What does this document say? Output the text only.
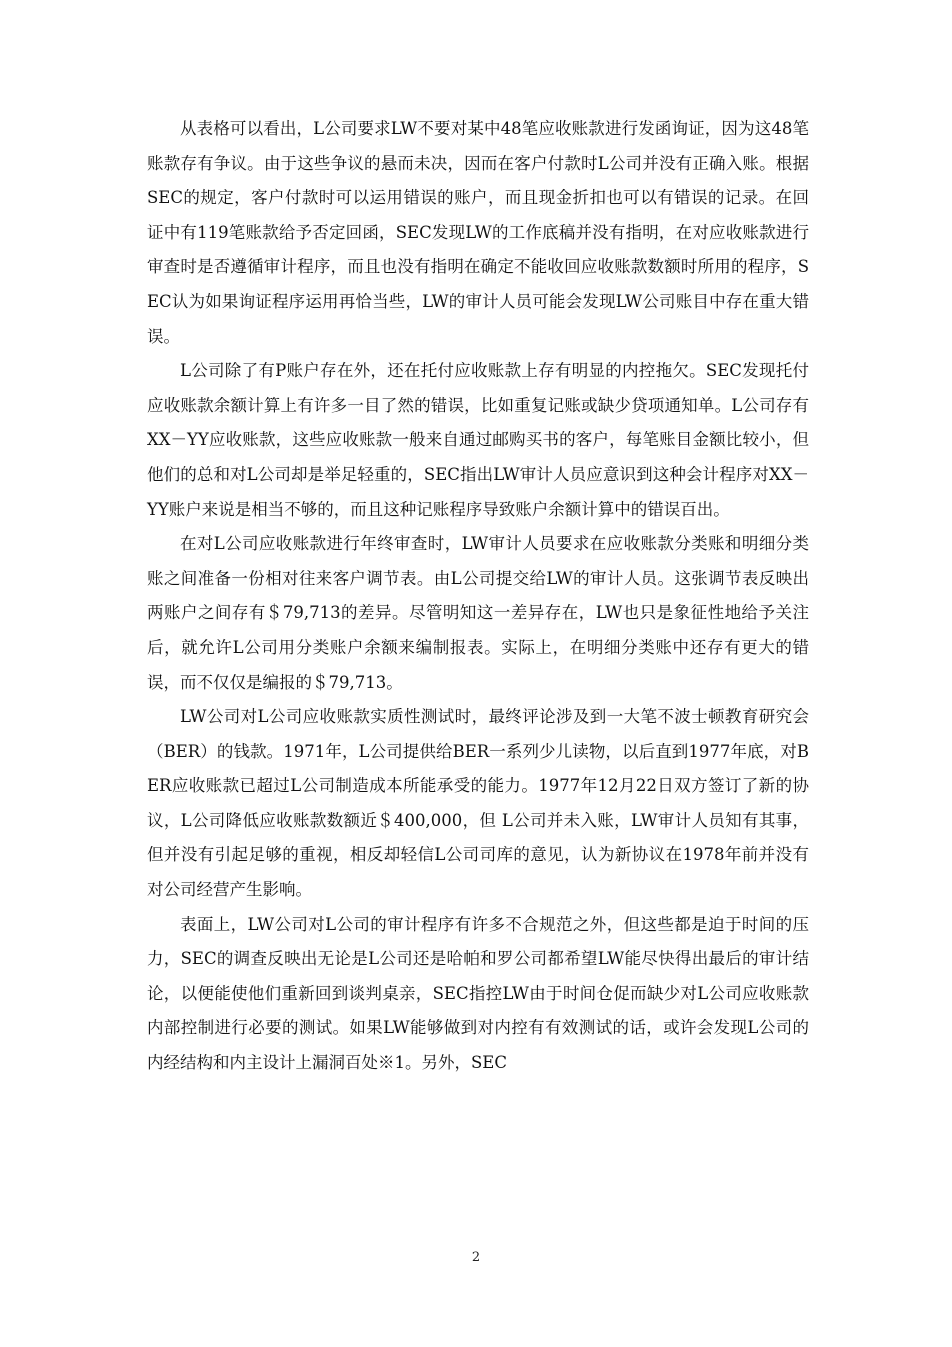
从表格可以看出，L公司要求LW不要对某中48笔应收账款进行发函询证，因为这48笔账款存有争议。由于这些争议的悬而未决，因而在客户付款时L公司并没有正确入账。根据SEC的规定，客户付款时可以运用错误的账户，而且现金折扣也可以有错误的记录。在回证中有119笔账款给予否定回函，SEC发现LW的工作底稿并没有指明，在对应收账款进行审查时是否遵循审计程序，而且也没有指明在确定不能收回应收账款数额时所用的程序，SEC认为如果询证程序运用再恰当些，LW的审计人员可能会发现LW公司账目中存在重大错误。

L公司除了有P账户存在外，还在托付应收账款上存有明显的内控拖欠。SEC发现托付应收账款余额计算上有许多一目了然的错误，比如重复记账或缺少贷项通知单。L公司存有XX－YY应收账款，这些应收账款一般来自通过邮购买书的客户，每笔账目金额比较小，但他们的总和对L公司却是举足轻重的，SEC指出LW审计人员应意识到这种会计程序对XX－YY账户来说是相当不够的，而且这种记账程序导致账户余额计算中的错误百出。

在对L公司应收账款进行年终审查时，LW审计人员要求在应收账款分类账和明细分类账之间准备一份相对往来客户调节表。由L公司提交给LW的审计人员。这张调节表反映出两账户之间存有＄79,713的差异。尽管明知这一差异存在，LW也只是象征性地给予关注后，就允许L公司用分类账户余额来编制报表。实际上，在明细分类账中还存有更大的错误，而不仅仅是编报的＄79,713。

LW公司对L公司应收账款实质性测试时，最终评论涉及到一大笔不波士顿教育研究会（BER）的钱款。1971年，L公司提供给BER一系列少儿读物，以后直到1977年底，对BER应收账款已超过L公司制造成本所能承受的能力。1977年12月22日双方签订了新的协议，L公司降低应收账款数额近＄400,000，但 L公司并未入账，LW审计人员知有其事，但并没有引起足够的重视，相反却轻信L公司司库的意见，认为新协议在1978年前并没有对公司经营产生影响。

表面上，LW公司对L公司的审计程序有许多不合规范之外，但这些都是迫于时间的压力，SEC的调查反映出无论是L公司还是哈帕和罗公司都希望LW能尽快得出最后的审计结论，以便能使他们重新回到谈判桌亲，SEC指控LW由于时间仓促而缺少对L公司应收账款内部控制进行必要的测试。如果LW能够做到对内控有有效测试的话，或许会发现L公司的内经结构和内主设计上漏洞百处※1。另外，SEC

2
